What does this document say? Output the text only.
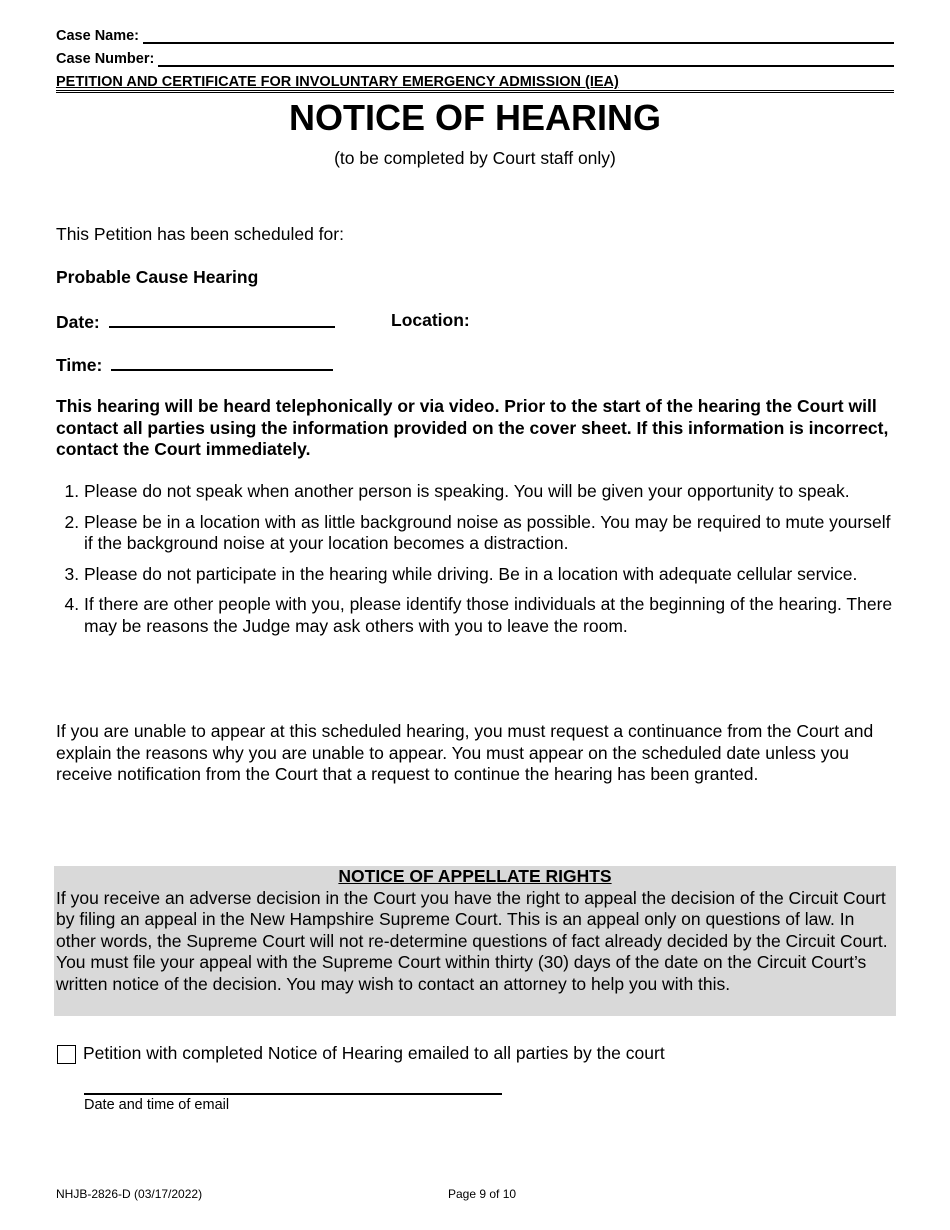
Case Name:
Case Number:
PETITION AND CERTIFICATE FOR INVOLUNTARY EMERGENCY ADMISSION (IEA)
NOTICE OF HEARING
(to be completed by Court staff only)
This Petition has been scheduled for:
Probable Cause Hearing
Date:	Location:
Time:
This hearing will be heard telephonically or via video. Prior to the start of the hearing the Court will contact all parties using the information provided on the cover sheet. If this information is incorrect, contact the Court immediately.
1. Please do not speak when another person is speaking. You will be given your opportunity to speak.
2. Please be in a location with as little background noise as possible. You may be required to mute yourself if the background noise at your location becomes a distraction.
3. Please do not participate in the hearing while driving. Be in a location with adequate cellular service.
4. If there are other people with you, please identify those individuals at the beginning of the hearing. There may be reasons the Judge may ask others with you to leave the room.
If you are unable to appear at this scheduled hearing, you must request a continuance from the Court and explain the reasons why you are unable to appear. You must appear on the scheduled date unless you receive notification from the Court that a request to continue the hearing has been granted.
NOTICE OF APPELLATE RIGHTS
If you receive an adverse decision in the Court you have the right to appeal the decision of the Circuit Court by filing an appeal in the New Hampshire Supreme Court. This is an appeal only on questions of law. In other words, the Supreme Court will not re-determine questions of fact already decided by the Circuit Court. You must file your appeal with the Supreme Court within thirty (30) days of the date on the Circuit Court’s written notice of the decision. You may wish to contact an attorney to help you with this.
Petition with completed Notice of Hearing emailed to all parties by the court
Date and time of email
NHJB-2826-D (03/17/2022)	Page 9 of 10
